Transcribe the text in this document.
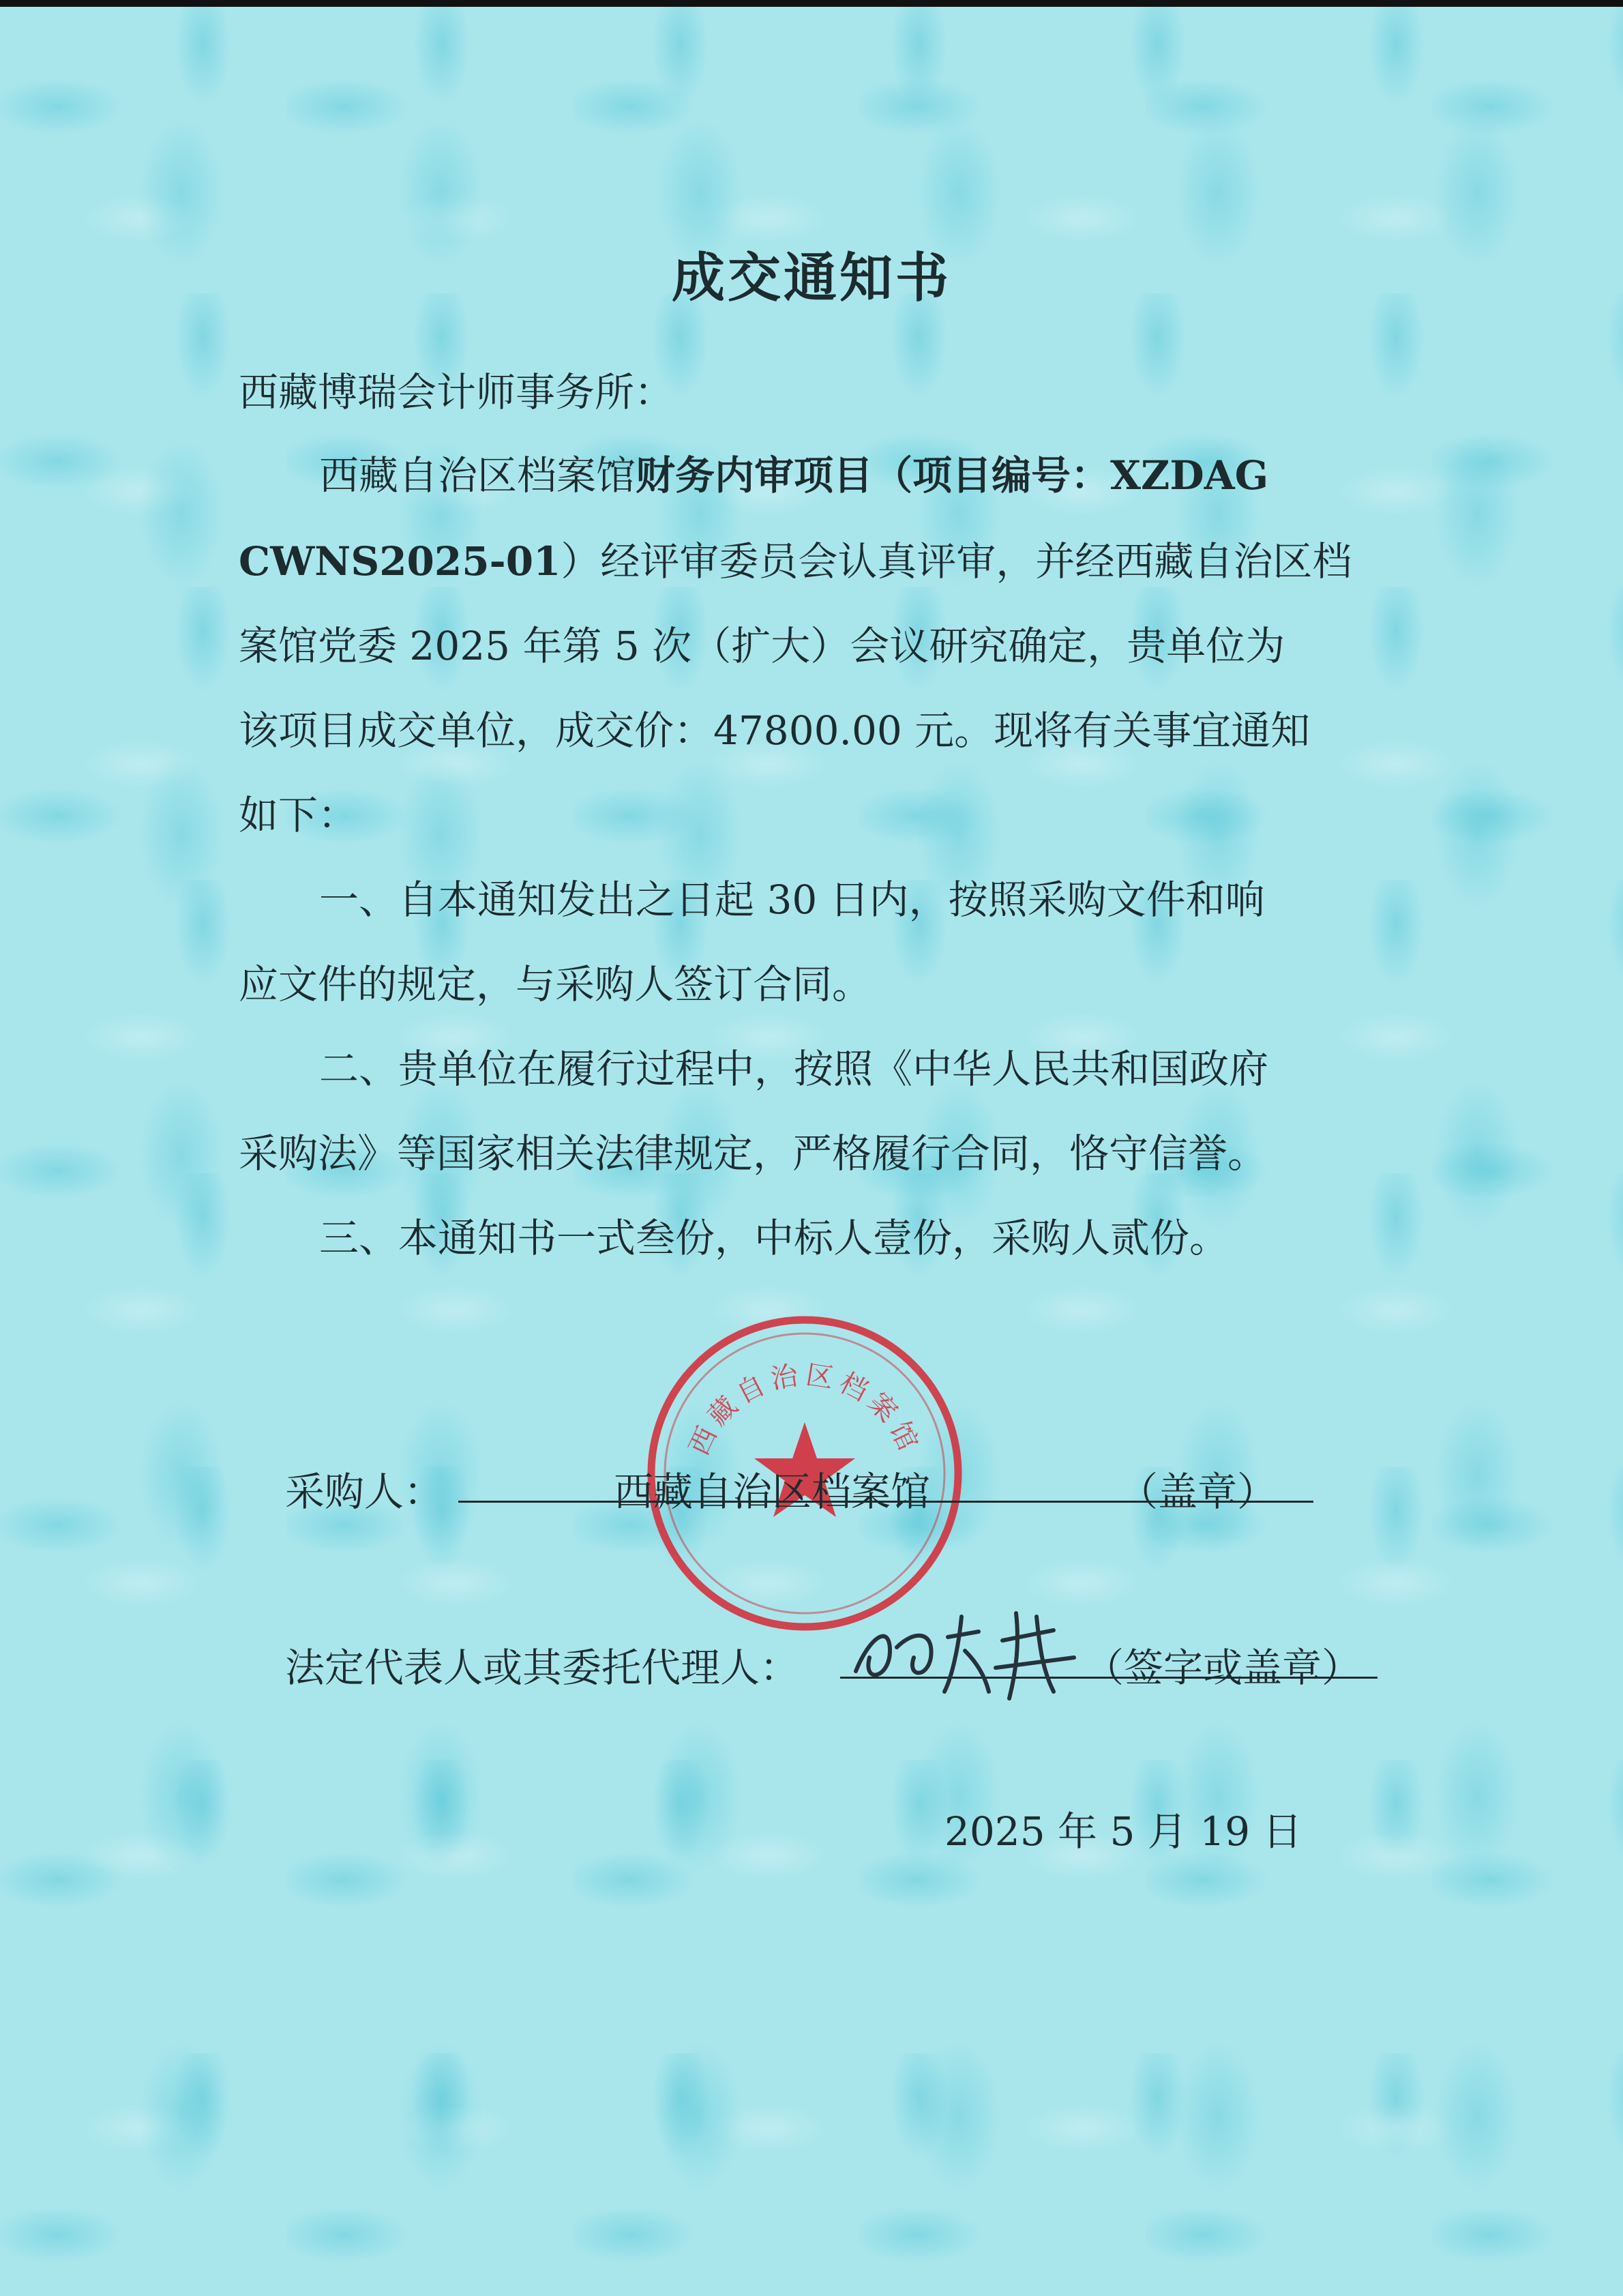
成交通知书

西藏博瑞会计师事务所：

西藏自治区档案馆财务内审项目（项目编号：XZDAG

CWNS2025-01）经评审委员会认真评审，并经西藏自治区档

案馆党委 2025 年第 5 次（扩大）会议研究确定，贵单位为

该项目成交单位，成交价：47800.00 元。现将有关事宜通知

如下：

一、自本通知发出之日起 30 日内，按照采购文件和响

应文件的规定，与采购人签订合同。

二、贵单位在履行过程中，按照《中华人民共和国政府

采购法》等国家相关法律规定，严格履行合同，恪守信誉。

三、本通知书一式叁份，中标人壹份，采购人贰份。

西藏自治区档案馆
采购人：	西藏自治区档案馆	（盖章）
法定代表人或其委托代理人：	（签字或盖章）
2025 年 5 月 19 日
